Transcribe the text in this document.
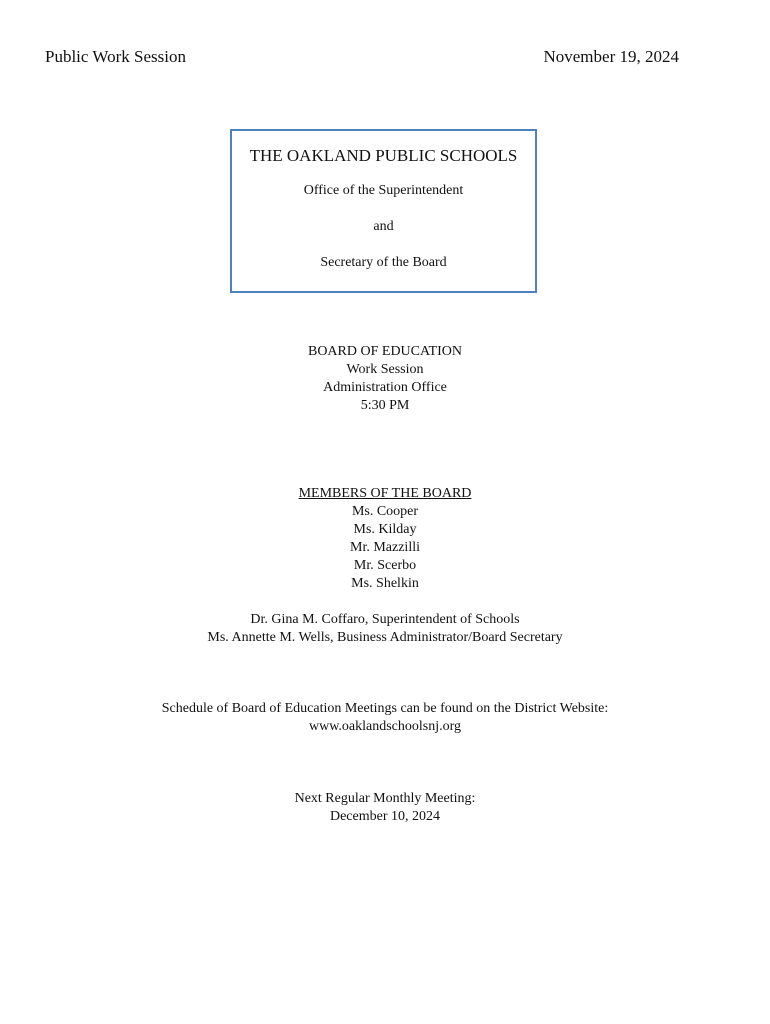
Public Work Session	November 19, 2024
THE OAKLAND PUBLIC SCHOOLS
Office of the Superintendent
and
Secretary of the Board
BOARD OF EDUCATION
Work Session
Administration Office
5:30 PM
MEMBERS OF THE BOARD
Ms. Cooper
Ms. Kilday
Mr. Mazzilli
Mr. Scerbo
Ms. Shelkin
Dr. Gina M. Coffaro, Superintendent of Schools
Ms. Annette M. Wells, Business Administrator/Board Secretary
Schedule of Board of Education Meetings can be found on the District Website:
www.oaklandschoolsnj.org
Next Regular Monthly Meeting:
December 10, 2024
